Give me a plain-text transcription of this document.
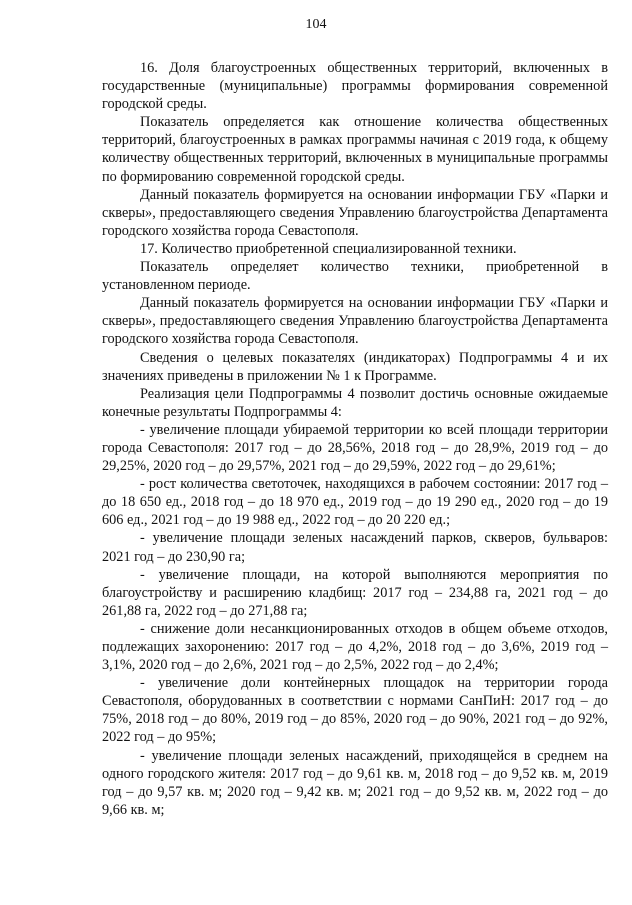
104

16. Доля благоустроенных общественных территорий, включенных в государственные (муниципальные) программы формирования современной городской среды.

Показатель определяется как отношение количества общественных территорий, благоустроенных в рамках программы начиная с 2019 года, к общему количеству общественных территорий, включенных в муниципальные программы по формированию современной городской среды.

Данный показатель формируется на основании информации ГБУ «Парки и скверы», предоставляющего сведения Управлению благоустройства Департамента городского хозяйства города Севастополя.

17. Количество приобретенной специализированной техники.

Показатель определяет количество техники, приобретенной в установленном периоде.

Данный показатель формируется на основании информации ГБУ «Парки и скверы», предоставляющего сведения Управлению благоустройства Департамента городского хозяйства города Севастополя.

Сведения о целевых показателях (индикаторах) Подпрограммы 4 и их значениях приведены в приложении № 1 к Программе.

Реализация цели Подпрограммы 4 позволит достичь основные ожидаемые конечные результаты Подпрограммы 4:

- увеличение площади убираемой территории ко всей площади территории города Севастополя: 2017 год – до 28,56%, 2018 год – до 28,9%, 2019 год – до 29,25%, 2020 год – до 29,57%, 2021 год – до 29,59%, 2022 год – до 29,61%;

- рост количества светоточек, находящихся в рабочем состоянии: 2017 год – до 18 650 ед., 2018 год – до 18 970 ед., 2019 год – до 19 290 ед., 2020 год – до 19 606 ед., 2021 год – до 19 988 ед., 2022 год – до 20 220 ед.;

- увеличение площади зеленых насаждений парков, скверов, бульваров: 2021 год – до 230,90 га;

- увеличение площади, на которой выполняются мероприятия по благоустройству и расширению кладбищ: 2017 год – 234,88 га, 2021 год – до 261,88 га, 2022 год – до 271,88 га;

- снижение доли несанкционированных отходов в общем объеме отходов, подлежащих захоронению: 2017 год – до 4,2%, 2018 год – до 3,6%, 2019 год – 3,1%, 2020 год – до 2,6%, 2021 год – до 2,5%, 2022 год – до 2,4%;

- увеличение доли контейнерных площадок на территории города Севастополя, оборудованных в соответствии с нормами СанПиН: 2017 год – до 75%, 2018 год – до 80%, 2019 год – до 85%, 2020 год – до 90%, 2021 год – до 92%, 2022 год – до 95%;

- увеличение площади зеленых насаждений, приходящейся в среднем на одного городского жителя: 2017 год – до 9,61 кв. м, 2018 год – до 9,52 кв. м, 2019 год – до 9,57 кв. м; 2020 год – 9,42 кв. м; 2021 год – до 9,52 кв. м, 2022 год – до 9,66 кв. м;
